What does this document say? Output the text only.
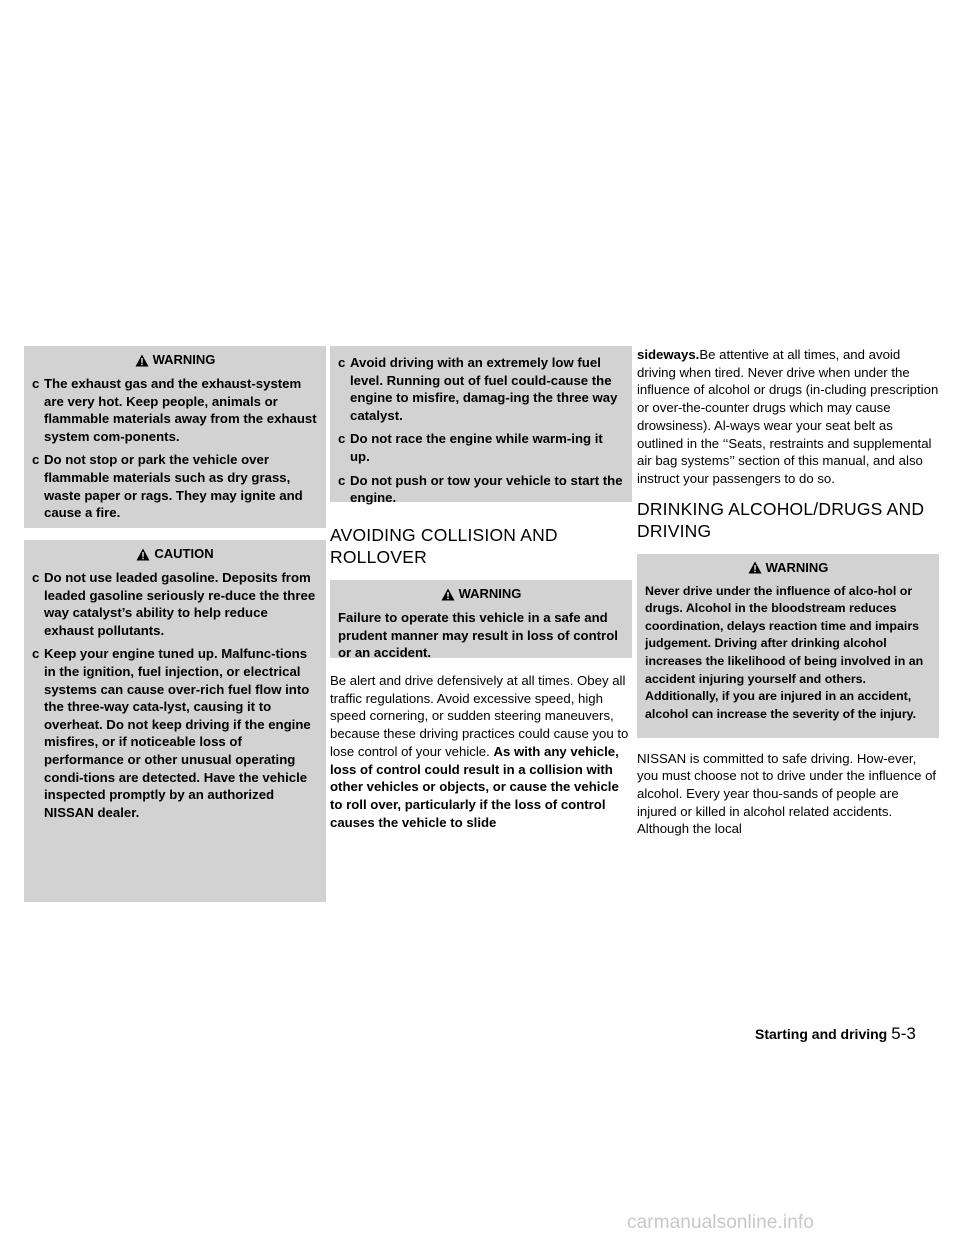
WARNING
c The exhaust gas and the exhaust-system are very hot. Keep people, animals or flammable materials away from the exhaust system com-ponents.
c Do not stop or park the vehicle over flammable materials such as dry grass, waste paper or rags. They may ignite and cause a fire.
CAUTION
c Do not use leaded gasoline. Deposits from leaded gasoline seriously re-duce the three way catalyst’s ability to help reduce exhaust pollutants.
c Keep your engine tuned up. Malfunc-tions in the ignition, fuel injection, or electrical systems can cause over-rich fuel flow into the three-way cata-lyst, causing it to overheat. Do not keep driving if the engine misfires, or if noticeable loss of performance or other unusual operating condi-tions are detected. Have the vehicle inspected promptly by an authorized NISSAN dealer.
c Avoid driving with an extremely low fuel level. Running out of fuel could-cause the engine to misfire, damag-ing the three way catalyst.
c Do not race the engine while warm-ing it up.
c Do not push or tow your vehicle to start the engine.
AVOIDING COLLISION AND ROLLOVER
WARNING
Failure to operate this vehicle in a safe and prudent manner may result in loss of control or an accident.

Be alert and drive defensively at all times. Obey all traffic regulations. Avoid excessive speed, high speed cornering, or sudden steering maneuvers, because these driving practices could cause you to lose control of your vehicle. As with any vehicle, loss of control could result in a collision with other vehicles or objects, or cause the vehicle to roll over, particularly if the loss of control causes the vehicle to slide

sideways.Be attentive at all times, and avoid driving when tired. Never drive when under the influence of alcohol or drugs (in-cluding prescription or over-the-counter drugs which may cause drowsiness). Al-ways wear your seat belt as outlined in the ‘‘Seats, restraints and supplemental air bag systems’’ section of this manual, and also instruct your passengers to do so.

DRINKING ALCOHOL/DRUGS AND DRIVING
WARNING
Never drive under the influence of alco-hol or drugs. Alcohol in the bloodstream reduces coordination, delays reaction time and impairs judgement. Driving after drinking alcohol increases the likelihood of being involved in an accident injuring yourself and others. Additionally, if you are injured in an accident, alcohol can increase the severity of the injury.

NISSAN is committed to safe driving. How-ever, you must choose not to drive under the influence of alcohol. Every year thou-sands of people are injured or killed in alcohol related accidents. Although the local

Starting and driving 5-3
carmanualsonline.info
